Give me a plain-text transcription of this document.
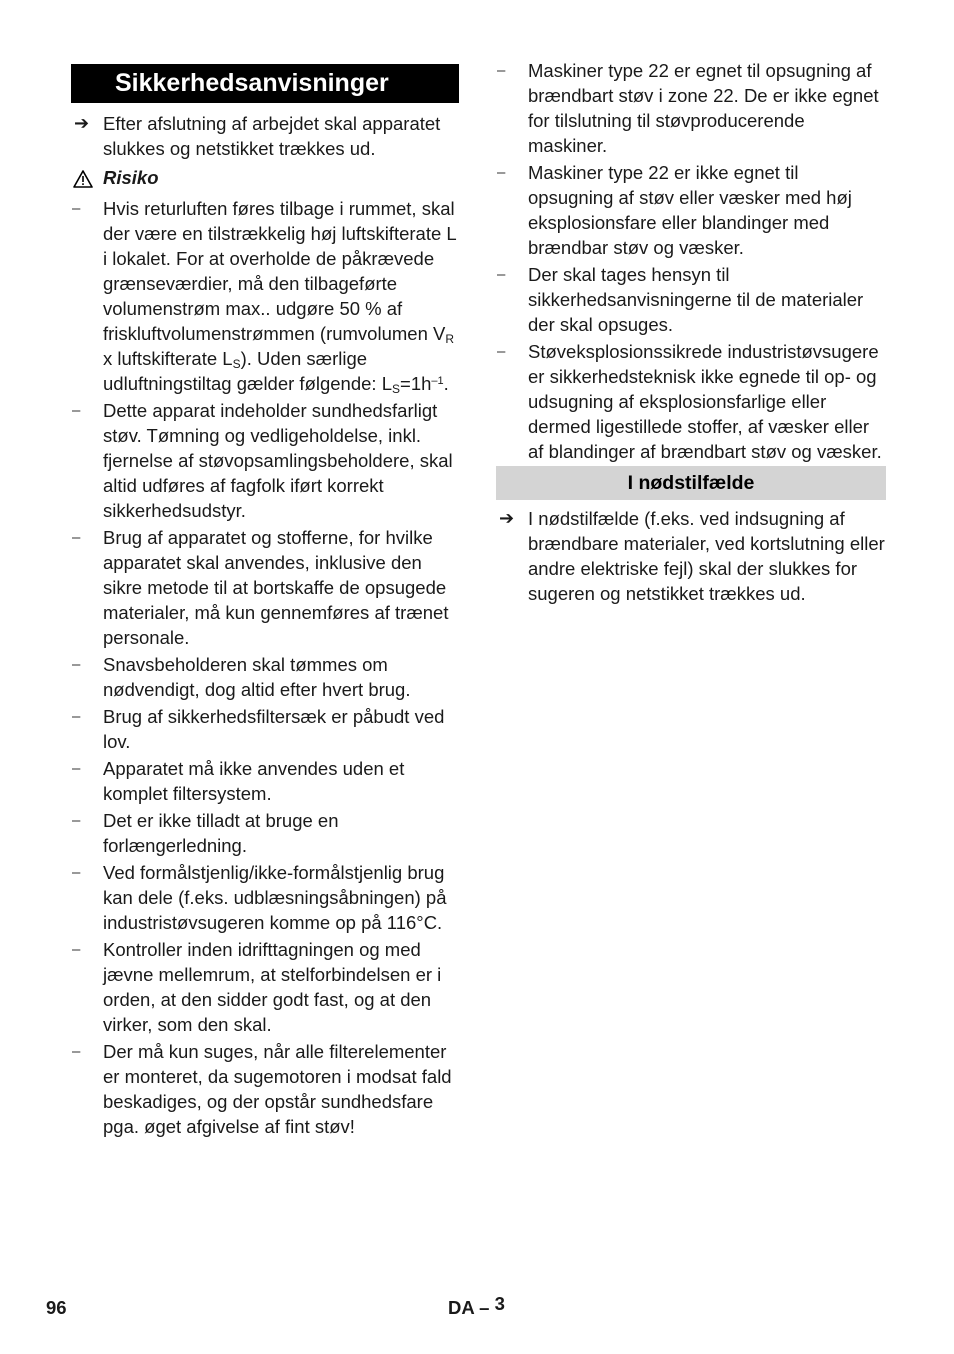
Sikkerhedsanvisninger
➔ Efter afslutning af arbejdet skal apparatet slukkes og netstikket trækkes ud.
Risiko
–	Hvis returluften føres tilbage i rummet, skal der være en tilstrækkelig høj luftskifterate L i lokalet. For at overholde de påkrævede grænseværdier, må den tilbageførte volumenstrøm max.. udgøre 50 % af friskluftvolumenstrømmen (rumvolumen $V_R$ x luftskifterate $L_S$). Uden særlige udluftningstiltag gælder følgende: $L_S=1h^{-1}$.
–	Dette apparat indeholder sundhedsfarligt støv. Tømning og vedligeholdelse, inkl. fjernelse af støvopsamlingsbeholdere, skal altid udføres af fagfolk iført korrekt sikkerhedsudstyr.
–	Brug af apparatet og stofferne, for hvilke apparatet skal anvendes, inklusive den sikre metode til at bortskaffe de opsugede materialer, må kun gennemføres af trænet personale.
–	Snavsbeholderen skal tømmes om nødvendigt, dog altid efter hvert brug.
–	Brug af sikkerhedsfiltersæk er påbudt ved lov.
–	Apparatet må ikke anvendes uden et komplet filtersystem.
–	Det er ikke tilladt at bruge en forlængerledning.
–	Ved formålstjenlig/ikke-formålstjenlig brug kan dele (f.eks. udblæsningsåbningen) på industristøvsugeren komme op på 116°C.
–	Kontroller inden idrifttagningen og med jævne mellemrum, at stelforbindelsen er i orden, at den sidder godt fast, og at den virker, som den skal.
–	Der må kun suges, når alle filterelementer er monteret, da sugemotoren i modsat fald beskadiges, og der opstår sundhedsfare pga. øget afgivelse af fint støv!
–	Maskiner type 22 er egnet til opsugning af brændbart støv i zone 22. De er ikke egnet for tilslutning til støvproducerende maskiner.
–	Maskiner type 22 er ikke egnet til opsugning af støv eller væsker med høj eksplosionsfare eller blandinger med brændbar støv og væsker.
–	Der skal tages hensyn til sikkerhedsanvisningerne til de materialer der skal opsuges.
–	Støveksplosionssikrede industristøvsugere er sikkerhedsteknisk ikke egnede til op- og udsugning af eksplosionsfarlige eller dermed ligestillede stoffer, af væsker eller af blandinger af brændbart støv og væsker.
I nødstilfælde
➔ I nødstilfælde (f.eks. ved indsugning af brændbare materialer, ved kortslutning eller andre elektriske fejl) skal der slukkes for sugeren og netstikket trækkes ud.
96	DA – 3
